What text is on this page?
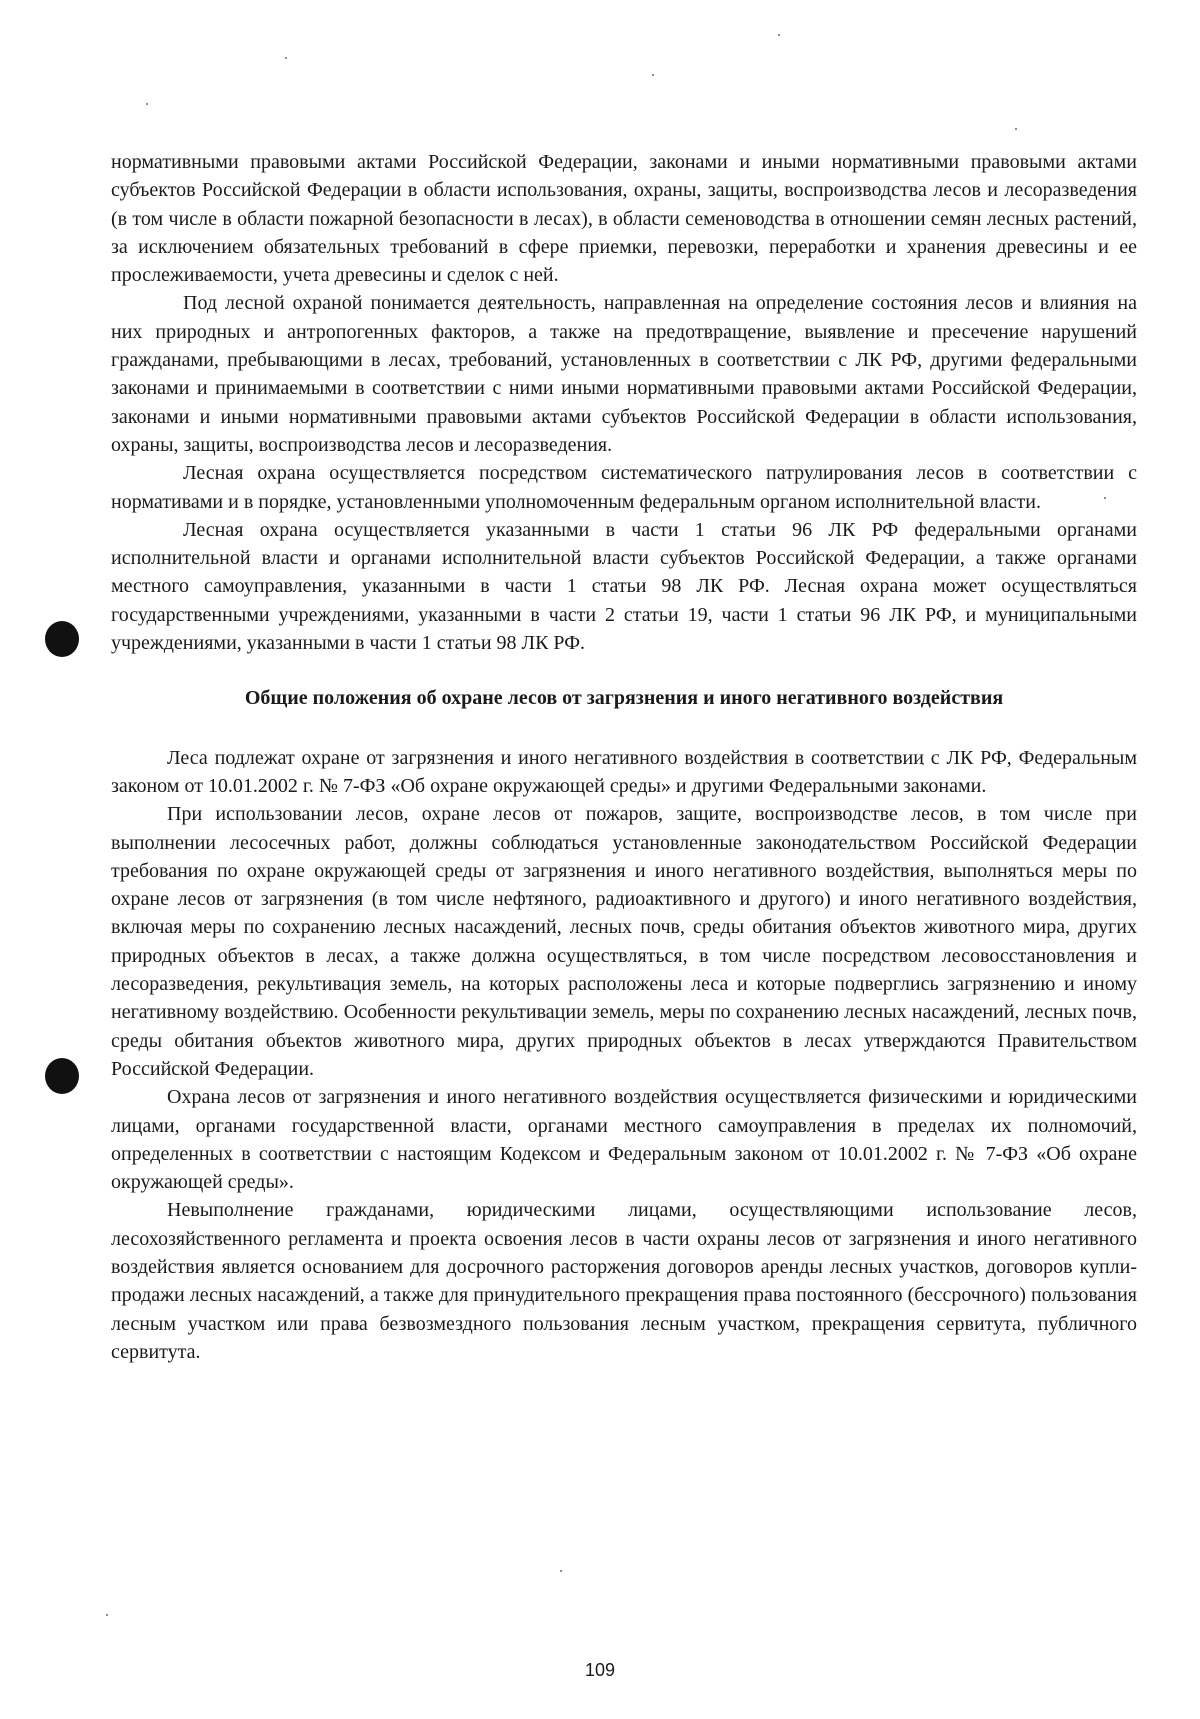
нормативными правовыми актами Российской Федерации, законами и иными нормативными правовыми актами субъектов Российской Федерации в области использования, охраны, защиты, воспроизводства лесов и лесоразведения (в том числе в области пожарной безопасности в лесах), в области семеноводства в отношении семян лесных растений, за исключением обязательных требований в сфере приемки, перевозки, переработки и хранения древесины и ее прослеживаемости, учета древесины и сделок с ней.

Под лесной охраной понимается деятельность, направленная на определение состояния лесов и влияния на них природных и антропогенных факторов, а также на предотвращение, выявление и пресечение нарушений гражданами, пребывающими в лесах, требований, установленных в соответствии с ЛК РФ, другими федеральными законами и принимаемыми в соответствии с ними иными нормативными правовыми актами Российской Федерации, законами и иными нормативными правовыми актами субъектов Российской Федерации в области использования, охраны, защиты, воспроизводства лесов и лесоразведения.

Лесная охрана осуществляется посредством систематического патрулирования лесов в соответствии с нормативами и в порядке, установленными уполномоченным федеральным органом исполнительной власти.

Лесная охрана осуществляется указанными в части 1 статьи 96 ЛК РФ федеральными органами исполнительной власти и органами исполнительной власти субъектов Российской Федерации, а также органами местного самоуправления, указанными в части 1 статьи 98 ЛК РФ. Лесная охрана может осуществляться государственными учреждениями, указанными в части 2 статьи 19, части 1 статьи 96 ЛК РФ, и муниципальными учреждениями, указанными в части 1 статьи 98 ЛК РФ.

Общие положения об охране лесов от загрязнения и иного негативного воздействия

Леса подлежат охране от загрязнения и иного негативного воздействия в соответствии с ЛК РФ, Федеральным законом от 10.01.2002 г. № 7-ФЗ «Об охране окружающей среды» и другими Федеральными законами.

При использовании лесов, охране лесов от пожаров, защите, воспроизводстве лесов, в том числе при выполнении лесосечных работ, должны соблюдаться установленные законодательством Российской Федерации требования по охране окружающей среды от загрязнения и иного негативного воздействия, выполняться меры по охране лесов от загрязнения (в том числе нефтяного, радиоактивного и другого) и иного негативного воздействия, включая меры по сохранению лесных насаждений, лесных почв, среды обитания объектов животного мира, других природных объектов в лесах, а также должна осуществляться, в том числе посредством лесовосстановления и лесоразведения, рекультивация земель, на которых расположены леса и которые подверглись загрязнению и иному негативному воздействию. Особенности рекультивации земель, меры по сохранению лесных насаждений, лесных почв, среды обитания объектов животного мира, других природных объектов в лесах утверждаются Правительством Российской Федерации.

Охрана лесов от загрязнения и иного негативного воздействия осуществляется физическими и юридическими лицами, органами государственной власти, органами местного самоуправления в пределах их полномочий, определенных в соответствии с настоящим Кодексом и Федеральным законом от 10.01.2002 г. № 7-ФЗ «Об охране окружающей среды».

Невыполнение гражданами, юридическими лицами, осуществляющими использование лесов, лесохозяйственного регламента и проекта освоения лесов в части охраны лесов от загрязнения и иного негативного воздействия является основанием для досрочного расторжения договоров аренды лесных участков, договоров купли-продажи лесных насаждений, а также для принудительного прекращения права постоянного (бессрочного) пользования лесным участком или права безвозмездного пользования лесным участком, прекращения сервитута, публичного сервитута.

109
